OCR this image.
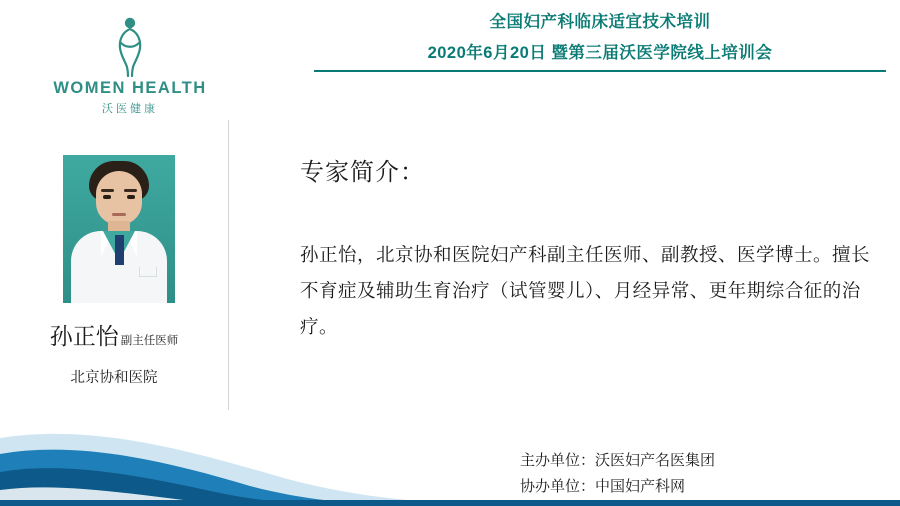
全国妇产科临床适宜技术培训
2020年6月20日 暨第三届沃医学院线上培训会
WOMEN HEALTH
沃医健康
孙正怡 副主任医师
北京协和医院
专家简介：
孙正怡，北京协和医院妇产科副主任医师、副教授、医学博士。擅长不育症及辅助生育治疗（试管婴儿）、月经异常、更年期综合征的治疗。
主办单位：沃医妇产名医集团
协办单位：中国妇产科网
